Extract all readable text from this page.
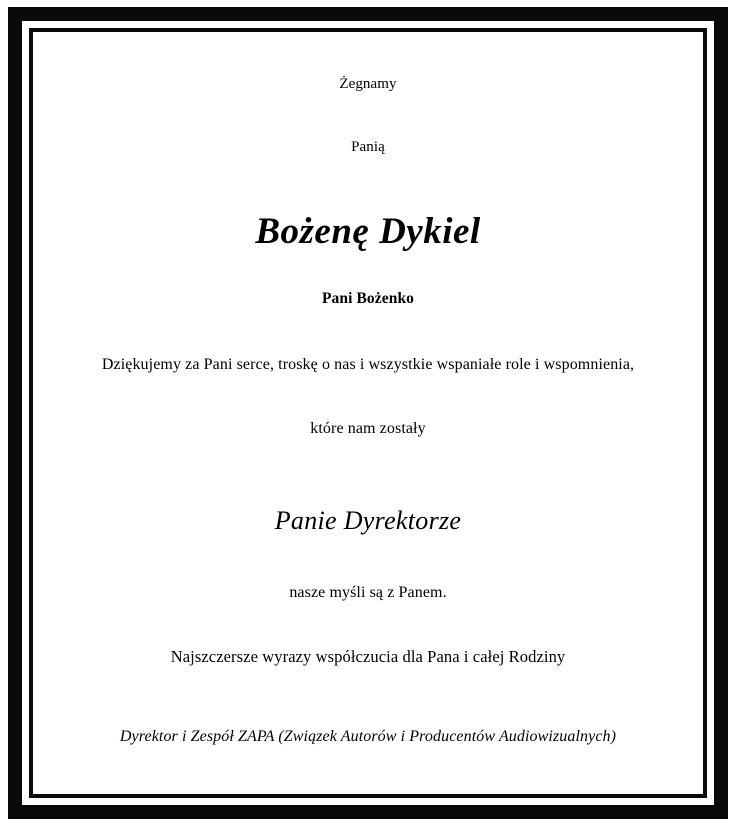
Żegnamy
Panią
Bożenę Dykiel
Pani Bożenko
Dziękujemy za Pani serce, troskę o nas i wszystkie wspaniałe role i wspomnienia,
które nam zostały
Panie Dyrektorze
nasze myśli są z Panem.
Najszczersze wyrazy współczucia dla Pana i całej Rodziny
Dyrektor i Zespół ZAPA (Związek Autorów i Producentów Audiowizualnych)
